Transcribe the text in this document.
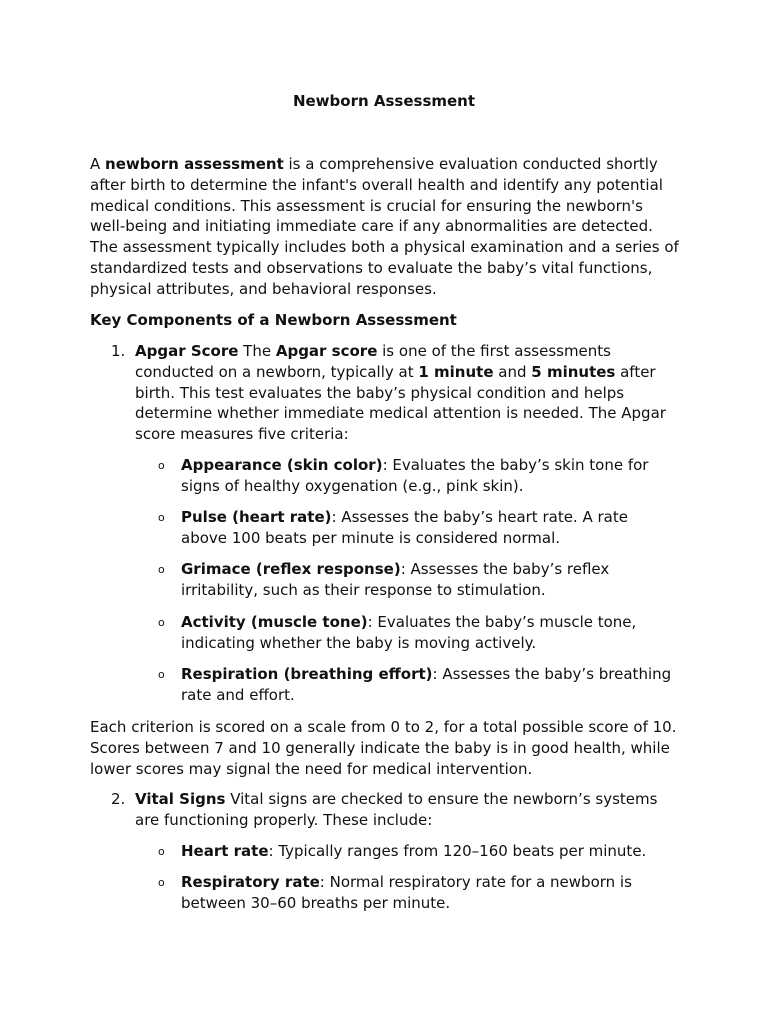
Newborn Assessment

A newborn assessment is a comprehensive evaluation conducted shortly after birth to determine the infant's overall health and identify any potential medical conditions. This assessment is crucial for ensuring the newborn's well-being and initiating immediate care if any abnormalities are detected. The assessment typically includes both a physical examination and a series of standardized tests and observations to evaluate the baby’s vital functions, physical attributes, and behavioral responses.

Key Components of a Newborn Assessment
1. Apgar Score The Apgar score is one of the first assessments conducted on a newborn, typically at 1 minute and 5 minutes after birth. This test evaluates the baby’s physical condition and helps determine whether immediate medical attention is needed. The Apgar score measures five criteria:
o Appearance (skin color): Evaluates the baby’s skin tone for signs of healthy oxygenation (e.g., pink skin).
o Pulse (heart rate): Assesses the baby’s heart rate. A rate above 100 beats per minute is considered normal.
o Grimace (reflex response): Assesses the baby’s reflex irritability, such as their response to stimulation.
o Activity (muscle tone): Evaluates the baby’s muscle tone, indicating whether the baby is moving actively.
o Respiration (breathing effort): Assesses the baby’s breathing rate and effort.

Each criterion is scored on a scale from 0 to 2, for a total possible score of 10. Scores between 7 and 10 generally indicate the baby is in good health, while lower scores may signal the need for medical intervention.

2. Vital Signs Vital signs are checked to ensure the newborn’s systems are functioning properly. These include:
o Heart rate: Typically ranges from 120–160 beats per minute.
o Respiratory rate: Normal respiratory rate for a newborn is between 30–60 breaths per minute.
